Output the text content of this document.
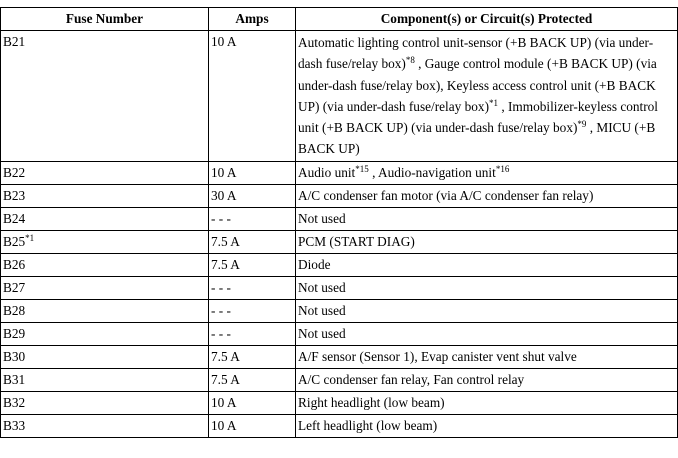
Fuse Number	Amps	Component(s) or Circuit(s) Protected
B21	10 A	Automatic lighting control unit-sensor (+B BACK UP) (via under-dash fuse/relay box)$^{*8}$ , Gauge control module (+B BACK UP) (via under-dash fuse/relay box), Keyless access control unit (+B BACK UP) (via under-dash fuse/relay box)$^{*1}$ , Immobilizer-keyless control unit (+B BACK UP) (via under-dash fuse/relay box)$^{*9}$ , MICU (+B BACK UP)
B22	10 A	Audio unit$^{*15}$ , Audio-navigation unit$^{*16}$
B23	30 A	A/C condenser fan motor (via A/C condenser fan relay)
B24	- - -	Not used
B25$^{*1}$	7.5 A	PCM (START DIAG)
B26	7.5 A	Diode
B27	- - -	Not used
B28	- - -	Not used
B29	- - -	Not used
B30	7.5 A	A/F sensor (Sensor 1), Evap canister vent shut valve
B31	7.5 A	A/C condenser fan relay, Fan control relay
B32	10 A	Right headlight (low beam)
B33	10 A	Left headlight (low beam)
